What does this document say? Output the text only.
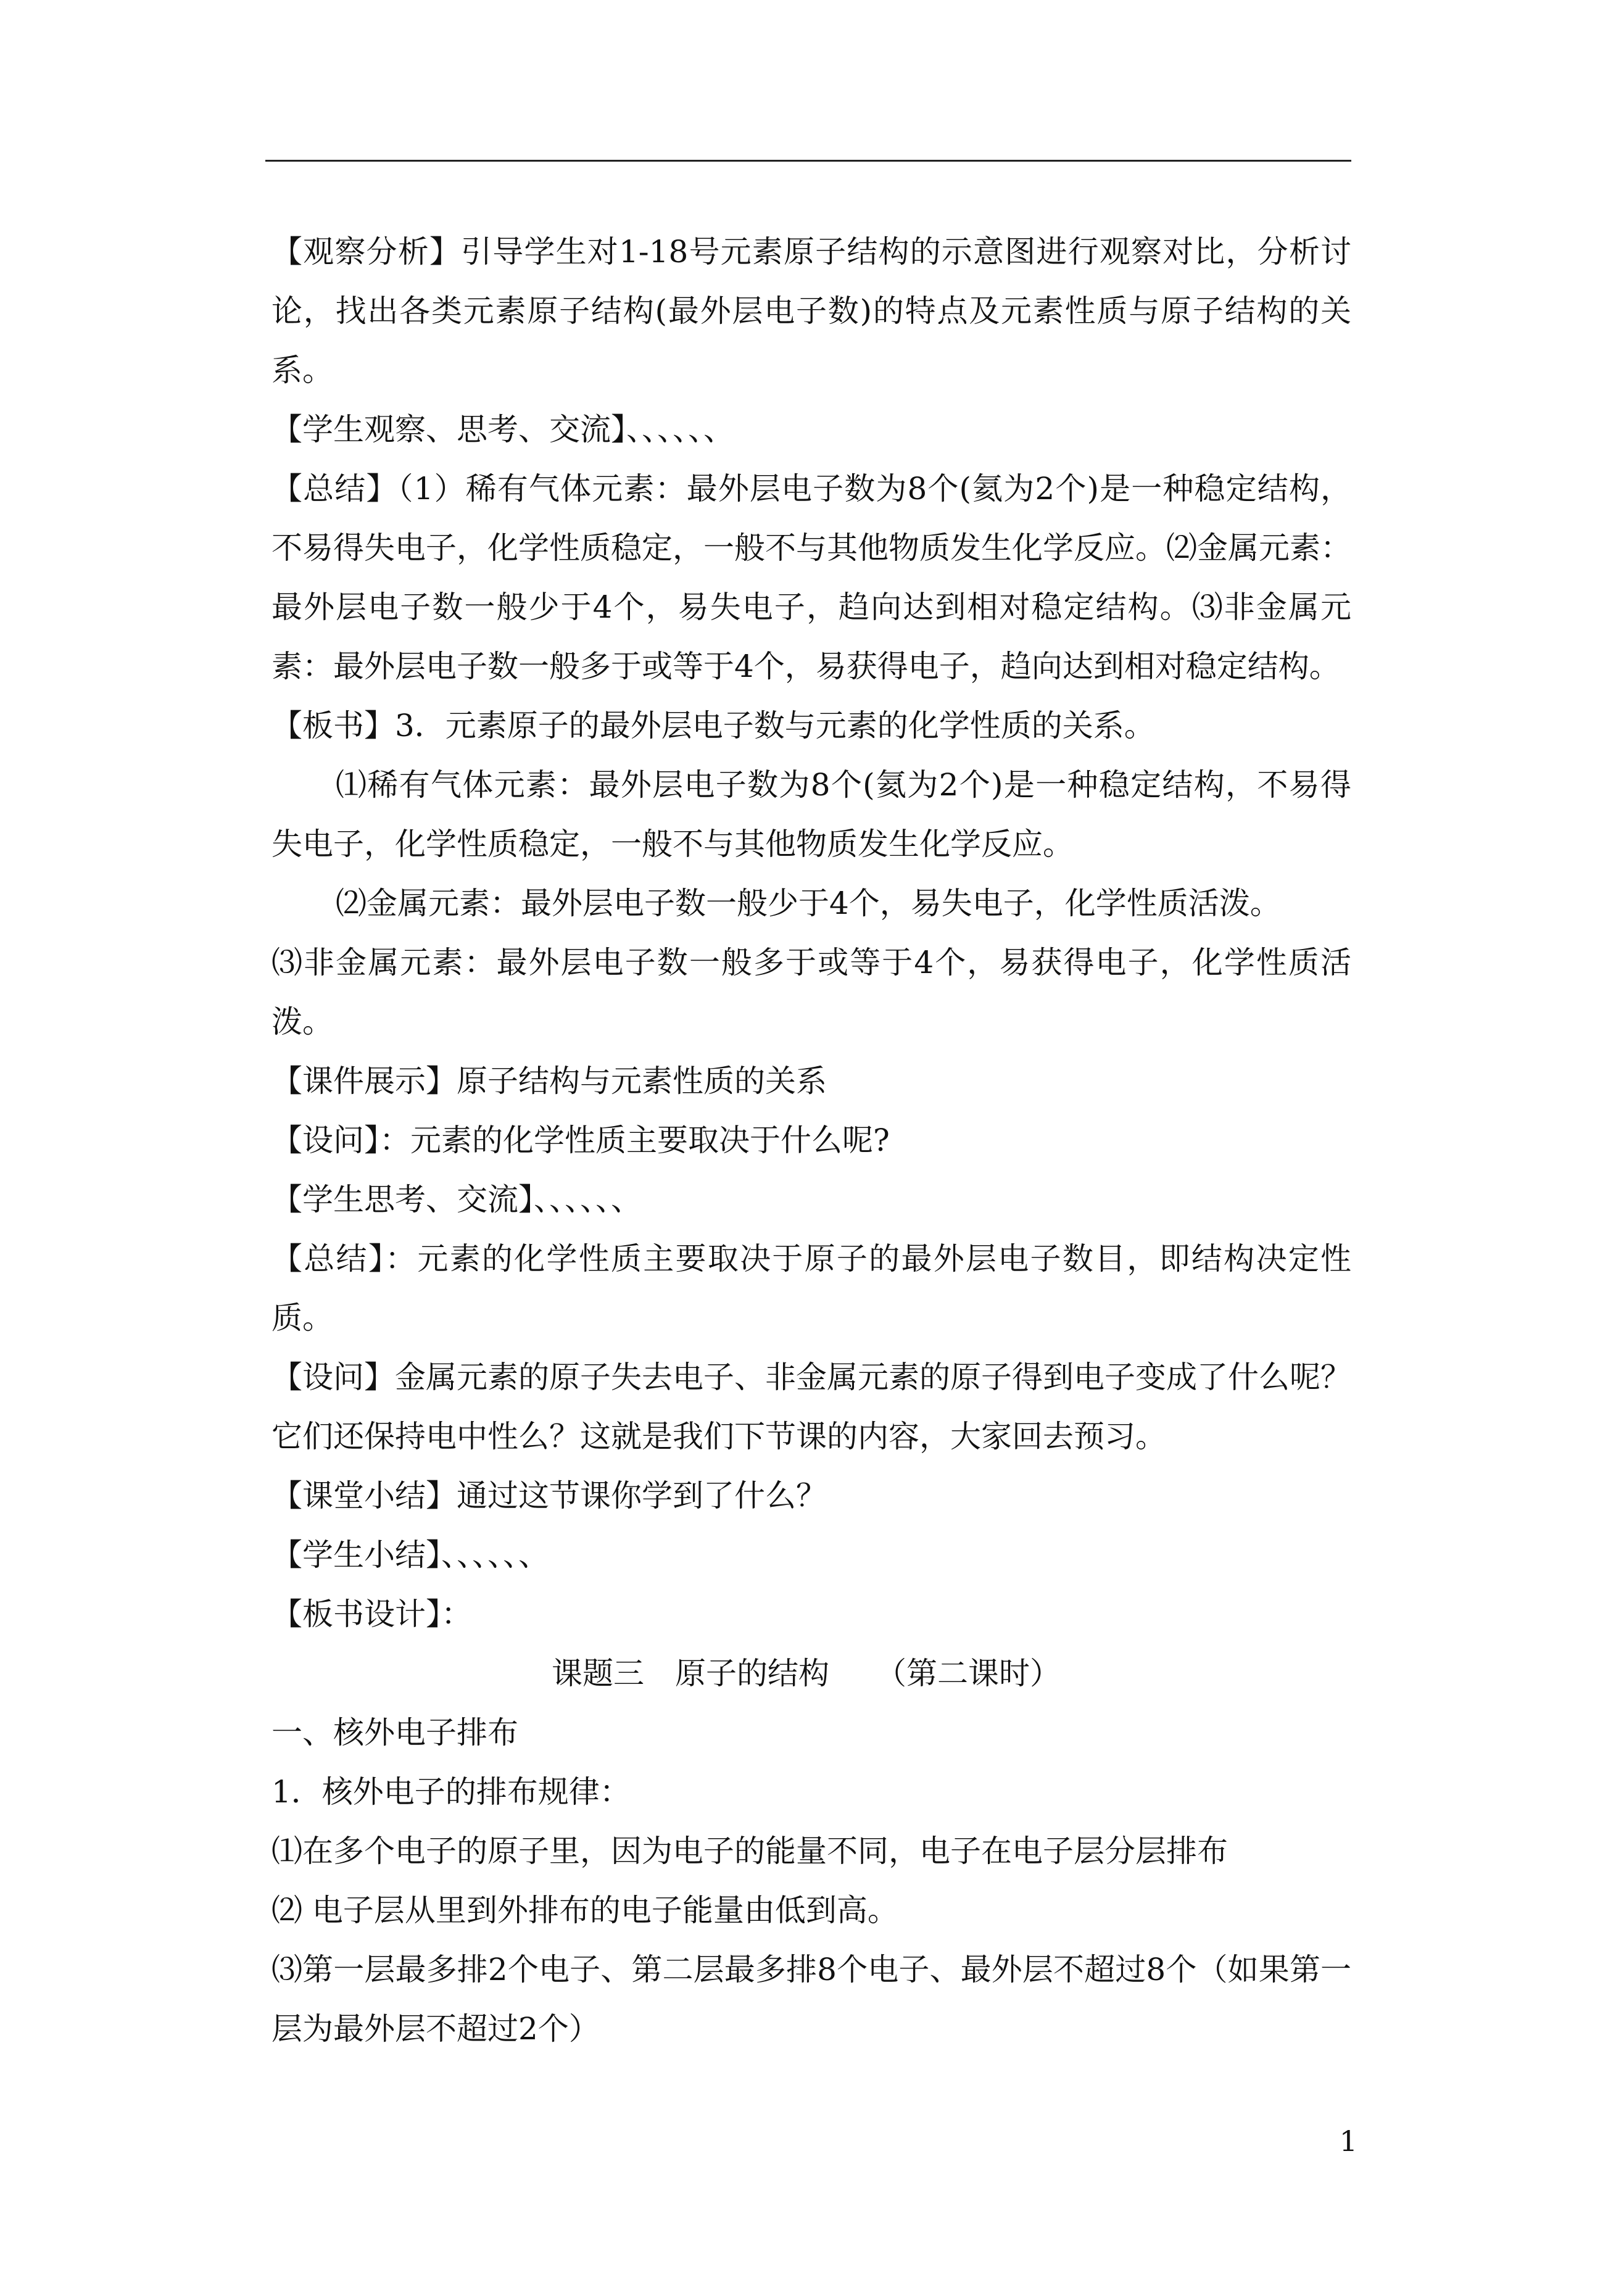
【观察分析】引导学生对1-18号元素原子结构的示意图进行观察对比，分析讨论，找出各类元素原子结构(最外层电子数)的特点及元素性质与原子结构的关系。

【学生观察、思考、交流】、、、、、、

【总结】（1）稀有气体元素：最外层电子数为8个(氦为2个)是一种稳定结构，不易得失电子，化学性质稳定，一般不与其他物质发生化学反应。⑵金属元素：最外层电子数一般少于4个，易失电子，趋向达到相对稳定结构。⑶非金属元素：最外层电子数一般多于或等于4个，易获得电子，趋向达到相对稳定结构。

【板书】3．元素原子的最外层电子数与元素的化学性质的关系。

⑴稀有气体元素：最外层电子数为8个(氦为2个)是一种稳定结构，不易得失电子，化学性质稳定，一般不与其他物质发生化学反应。

⑵金属元素：最外层电子数一般少于4个，易失电子，化学性质活泼。

⑶非金属元素：最外层电子数一般多于或等于4个，易获得电子，化学性质活泼。

【课件展示】原子结构与元素性质的关系

【设问】：元素的化学性质主要取决于什么呢?

【学生思考、交流】、、、、、、

【总结】：元素的化学性质主要取决于原子的最外层电子数目，即结构决定性质。

【设问】金属元素的原子失去电子、非金属元素的原子得到电子变成了什么呢？它们还保持电中性么？这就是我们下节课的内容，大家回去预习。

【课堂小结】通过这节课你学到了什么？

【学生小结】、、、、、、

【板书设计】：

课题三　原子的结构　　（第二课时）

一、核外电子排布

1．核外电子的排布规律：

⑴在多个电子的原子里，因为电子的能量不同，电子在电子层分层排布

⑵ 电子层从里到外排布的电子能量由低到高。

⑶第一层最多排2个电子、第二层最多排8个电子、最外层不超过8个（如果第一层为最外层不超过2个）

1
